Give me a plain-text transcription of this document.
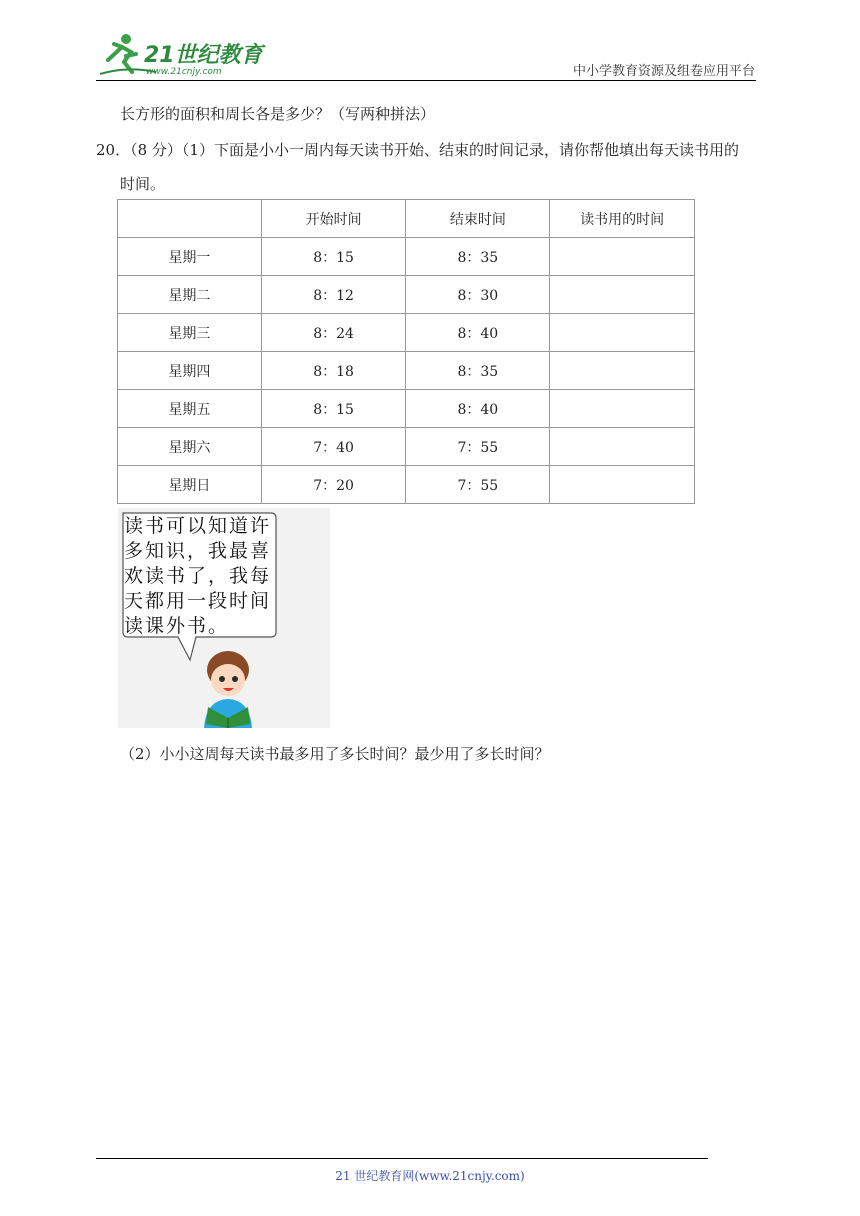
21世纪教育
www.21cnjy.com	中小学教育资源及组卷应用平台
长方形的面积和周长各是多少？（写两种拼法）
20．（8 分）（1）下面是小小一周内每天读书开始、结束的时间记录，请你帮他填出每天读书用的
时间。
	开始时间	结束时间	读书用的时间
星期一	8：15	8：35	
星期二	8：12	8：30	
星期三	8：24	8：40	
星期四	8：18	8：35	
星期五	8：15	8：40	
星期六	7：40	7：55	
星期日	7：20	7：55	
读书可以知道许
多知识，我最喜
欢读书了，我每
天都用一段时间
读课外书。
（2）小小这周每天读书最多用了多长时间？最少用了多长时间？
21 世纪教育网(www.21cnjy.com)
